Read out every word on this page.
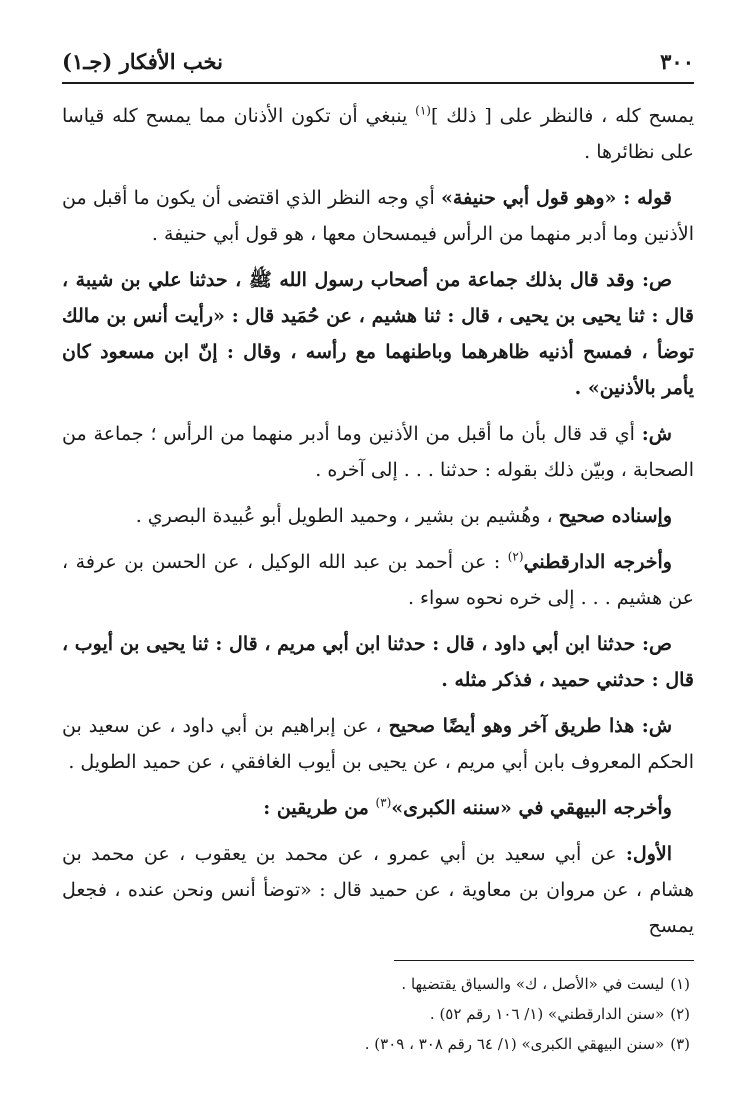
٣٠٠
نخب الأفكار (جـ١)

يمسح كله ، فالنظر على [ ذلك ]$^{(١)}$ ينبغي أن تكون الأذنان مما يمسح كله قياسا على نظائرها .

قوله : «وهو قول أبي حنيفة» أي وجه النظر الذي اقتضى أن يكون ما أقبل من الأذنين وما أدبر منهما من الرأس فيمسحان معها ، هو قول أبي حنيفة .

ص: وقد قال بذلك جماعة من أصحاب رسول الله ﷺ ، حدثنا علي بن شيبة ، قال : ثنا يحيى بن يحيى ، قال : ثنا هشيم ، عن حُمَيد قال : «رأيت أنس بن مالك توضأ ، فمسح أذنيه ظاهرهما وباطنهما مع رأسه ، وقال : إنّ ابن مسعود كان يأمر بالأذنين» .

ش: أي قد قال بأن ما أقبل من الأذنين وما أدبر منهما من الرأس ؛ جماعة من الصحابة ، وبيّن ذلك بقوله : حدثنا . . . إلى آخره .

وإسناده صحيح ، وهُشيم بن بشير ، وحميد الطويل أبو عُبيدة البصري .

وأخرجه الدارقطني$^{(٢)}$ : عن أحمد بن عبد الله الوكيل ، عن الحسن بن عرفة ، عن هشيم . . . إلى خره نحوه سواء .

ص: حدثنا ابن أبي داود ، قال : حدثنا ابن أبي مريم ، قال : ثنا يحيى بن أيوب ، قال : حدثني حميد ، فذكر مثله .

ش: هذا طريق آخر وهو أيضًا صحيح ، عن إبراهيم بن أبي داود ، عن سعيد بن الحكم المعروف بابن أبي مريم ، عن يحيى بن أيوب الغافقي ، عن حميد الطويل .

وأخرجه البيهقي في «سننه الكبرى»$^{(٣)}$ من طريقين :

الأول: عن أبي سعيد بن أبي عمرو ، عن محمد بن يعقوب ، عن محمد بن هشام ، عن مروان بن معاوية ، عن حميد قال : «توضأ أنس ونحن عنده ، فجعل يمسح

(١)ليست في «الأصل ، ك» والسياق يقتضيها .

(٢)«سنن الدارقطني» (١/ ١٠٦ رقم ٥٢) .

(٣)«سنن البيهقي الكبرى» (١/ ٦٤ رقم ٣٠٨ ، ٣٠٩) .
